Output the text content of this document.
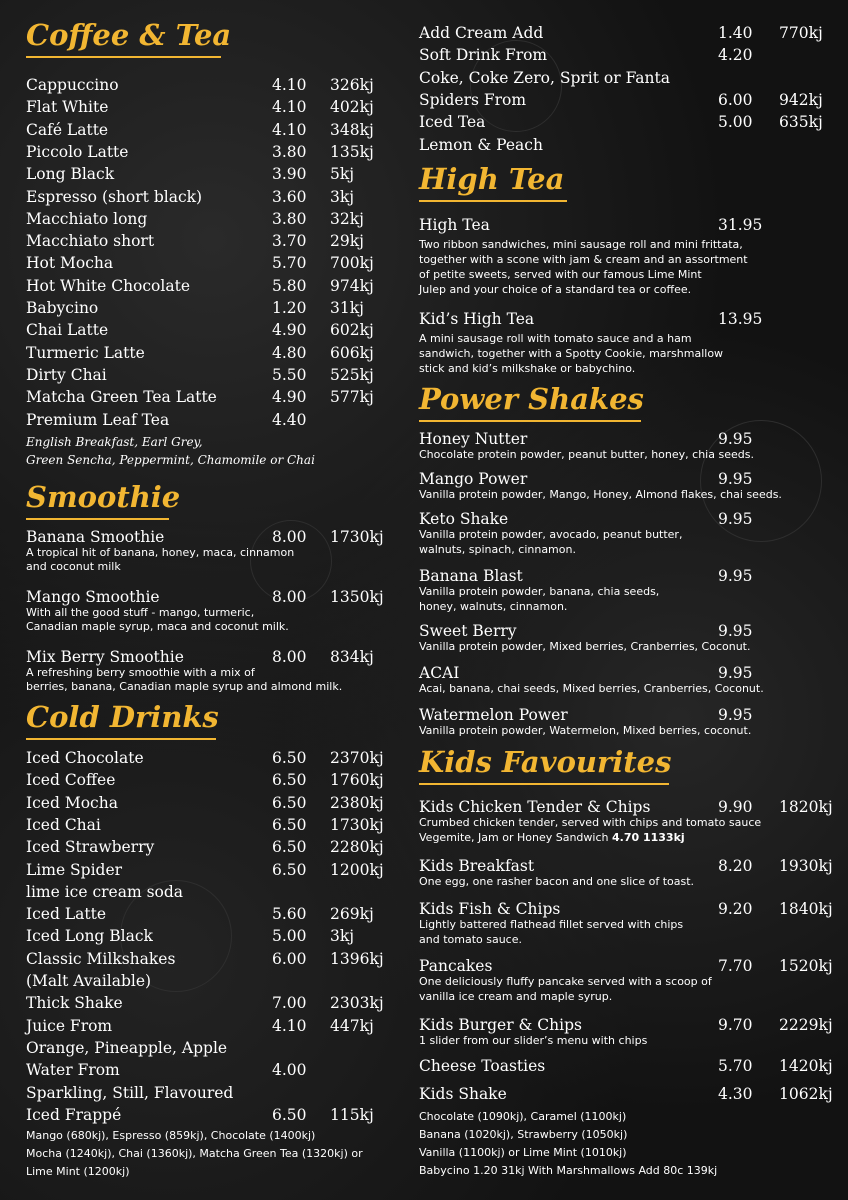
Coffee & Tea
Cappuccino	4.10 326kj
Flat White	4.10 402kj
Café Latte	4.10 348kj
Piccolo Latte	3.80 135kj
Long Black	3.90 5kj
Espresso (short black)	3.60 3kj
Macchiato long	3.80 32kj
Macchiato short	3.70 29kj
Hot Mocha	5.70 700kj
Hot White Chocolate	5.80 974kj
Babycino	1.20 31kj
Chai Latte	4.90 602kj
Turmeric Latte	4.80 606kj
Dirty Chai	5.50 525kj
Matcha Green Tea Latte	4.90 577kj
Premium Leaf Tea	4.40
English Breakfast, Earl Grey,
Green Sencha, Peppermint, Chamomile or Chai
Smoothie
Banana Smoothie	8.00 1730kj
A tropical hit of banana, honey, maca, cinnamon
and coconut milk
Mango Smoothie	8.00 1350kj
With all the good stuff - mango, turmeric,
Canadian maple syrup, maca and coconut milk.
Mix Berry Smoothie	8.00 834kj
A refreshing berry smoothie with a mix of
berries, banana, Canadian maple syrup and almond milk.
Cold Drinks
Iced Chocolate	6.50 2370kj
Iced Coffee	6.50 1760kj
Iced Mocha	6.50 2380kj
Iced Chai	6.50 1730kj
Iced Strawberry	6.50 2280kj
Lime Spider	6.50 1200kj
lime ice cream soda
Iced Latte	5.60 269kj
Iced Long Black	5.00 3kj
Classic Milkshakes	6.00 1396kj
(Malt Available)
Thick Shake	7.00 2303kj
Juice From	4.10 447kj
Orange, Pineapple, Apple
Water From	4.00
Sparkling, Still, Flavoured
Iced Frappé	6.50 115kj
Mango (680kj), Espresso (859kj), Chocolate (1400kj)
Mocha (1240kj), Chai (1360kj), Matcha Green Tea (1320kj) or
Lime Mint (1200kj)
Add Cream Add	1.40 770kj
Soft Drink From	4.20
Coke, Coke Zero, Sprit or Fanta
Spiders From	6.00 942kj
Iced Tea	5.00 635kj
Lemon & Peach
High Tea
High Tea	31.95
Two ribbon sandwiches, mini sausage roll and mini frittata,
together with a scone with jam & cream and an assortment
of petite sweets, served with our famous Lime Mint
Julep and your choice of a standard tea or coffee.
Kid’s High Tea	13.95
A mini sausage roll with tomato sauce and a ham
sandwich, together with a Spotty Cookie, marshmallow
stick and kid’s milkshake or babychino.
Power Shakes
Honey Nutter	9.95
Chocolate protein powder, peanut butter, honey, chia seeds.
Mango Power	9.95
Vanilla protein powder, Mango, Honey, Almond flakes, chai seeds.
Keto Shake	9.95
Vanilla protein powder, avocado, peanut butter,
walnuts, spinach, cinnamon.
Banana Blast	9.95
Vanilla protein powder, banana, chia seeds,
honey, walnuts, cinnamon.
Sweet Berry	9.95
Vanilla protein powder, Mixed berries, Cranberries, Coconut.
ACAI	9.95
Acai, banana, chai seeds, Mixed berries, Cranberries, Coconut.
Watermelon Power	9.95
Vanilla protein powder, Watermelon, Mixed berries, coconut.
Kids Favourites
Kids Chicken Tender & Chips	9.90 1820kj
Crumbed chicken tender, served with chips and tomato sauce
Vegemite, Jam or Honey Sandwich 4.70 1133kj
Kids Breakfast	8.20 1930kj
One egg, one rasher bacon and one slice of toast.
Kids Fish & Chips	9.20 1840kj
Lightly battered flathead fillet served with chips
and tomato sauce.
Pancakes	7.70 1520kj
One deliciously fluffy pancake served with a scoop of
vanilla ice cream and maple syrup.
Kids Burger & Chips	9.70 2229kj
1 slider from our slider’s menu with chips
Cheese Toasties	5.70 1420kj
Kids Shake	4.30 1062kj
Chocolate (1090kj), Caramel (1100kj)
Banana (1020kj), Strawberry (1050kj)
Vanilla (1100kj) or Lime Mint (1010kj)
Babycino 1.20 31kj With Marshmallows Add 80c 139kj
